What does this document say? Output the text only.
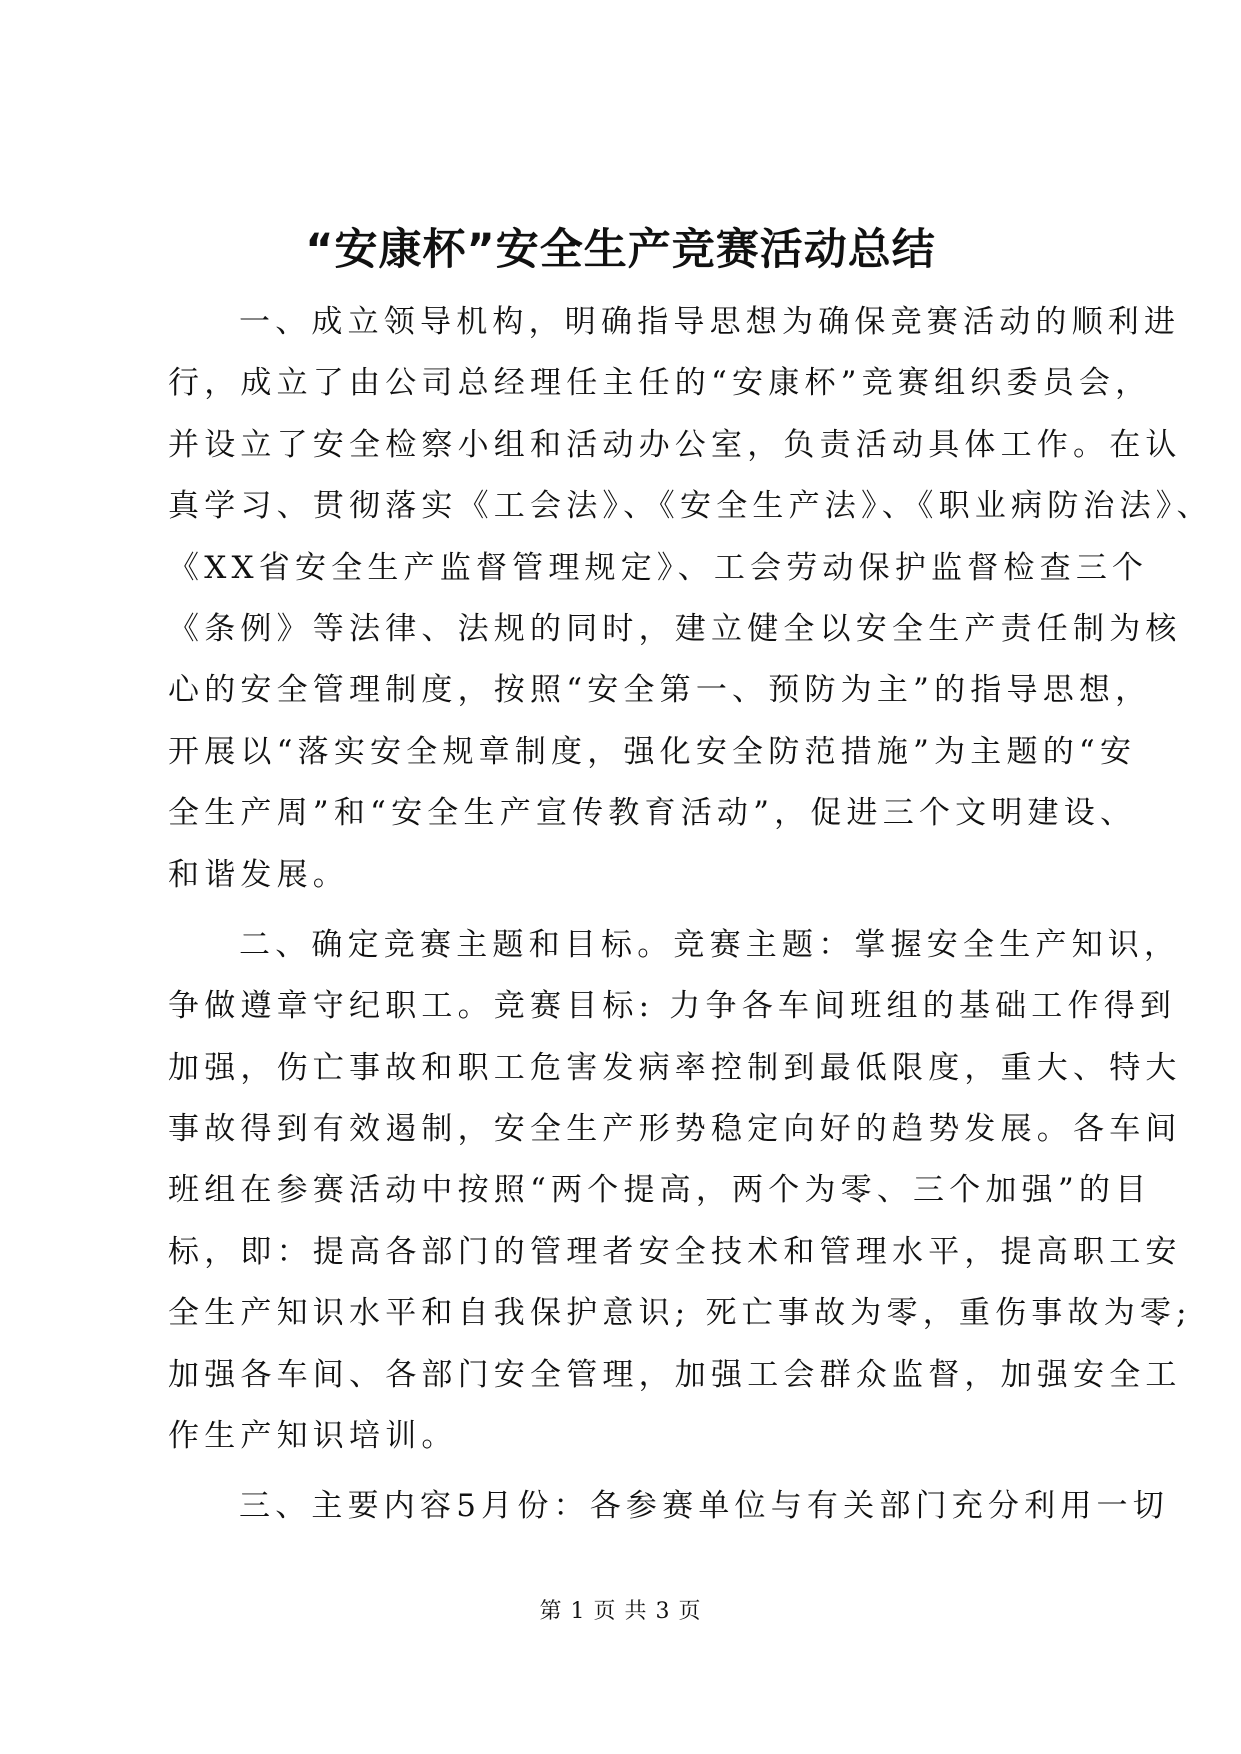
“安康杯”安全生产竞赛活动总结
一、成立领导机构，明确指导思想为确保竞赛活动的顺利进
行，成立了由公司总经理任主任的“安康杯”竞赛组织委员会，
并设立了安全检察小组和活动办公室，负责活动具体工作。在认
真学习、贯彻落实《工会法》、《安全生产法》、《职业病防治法》、
《XX省安全生产监督管理规定》、工会劳动保护监督检查三个
《条例》等法律、法规的同时，建立健全以安全生产责任制为核
心的安全管理制度，按照“安全第一、预防为主”的指导思想，
开展以“落实安全规章制度，强化安全防范措施”为主题的“安
全生产周”和“安全生产宣传教育活动”，促进三个文明建设、
和谐发展。
二、确定竞赛主题和目标。竞赛主题：掌握安全生产知识，
争做遵章守纪职工。竞赛目标: 力争各车间班组的基础工作得到
加强，伤亡事故和职工危害发病率控制到最低限度，重大、特大
事故得到有效遏制，安全生产形势稳定向好的趋势发展。各车间
班组在参赛活动中按照“两个提高，两个为零、三个加强”的目
标，即：提高各部门的管理者安全技术和管理水平，提高职工安
全生产知识水平和自我保护意识; 死亡事故为零，重伤事故为零;
加强各车间、各部门安全管理，加强工会群众监督，加强安全工
作生产知识培训。
三、主要内容5月份：各参赛单位与有关部门充分利用一切
第 1 页 共 3 页
